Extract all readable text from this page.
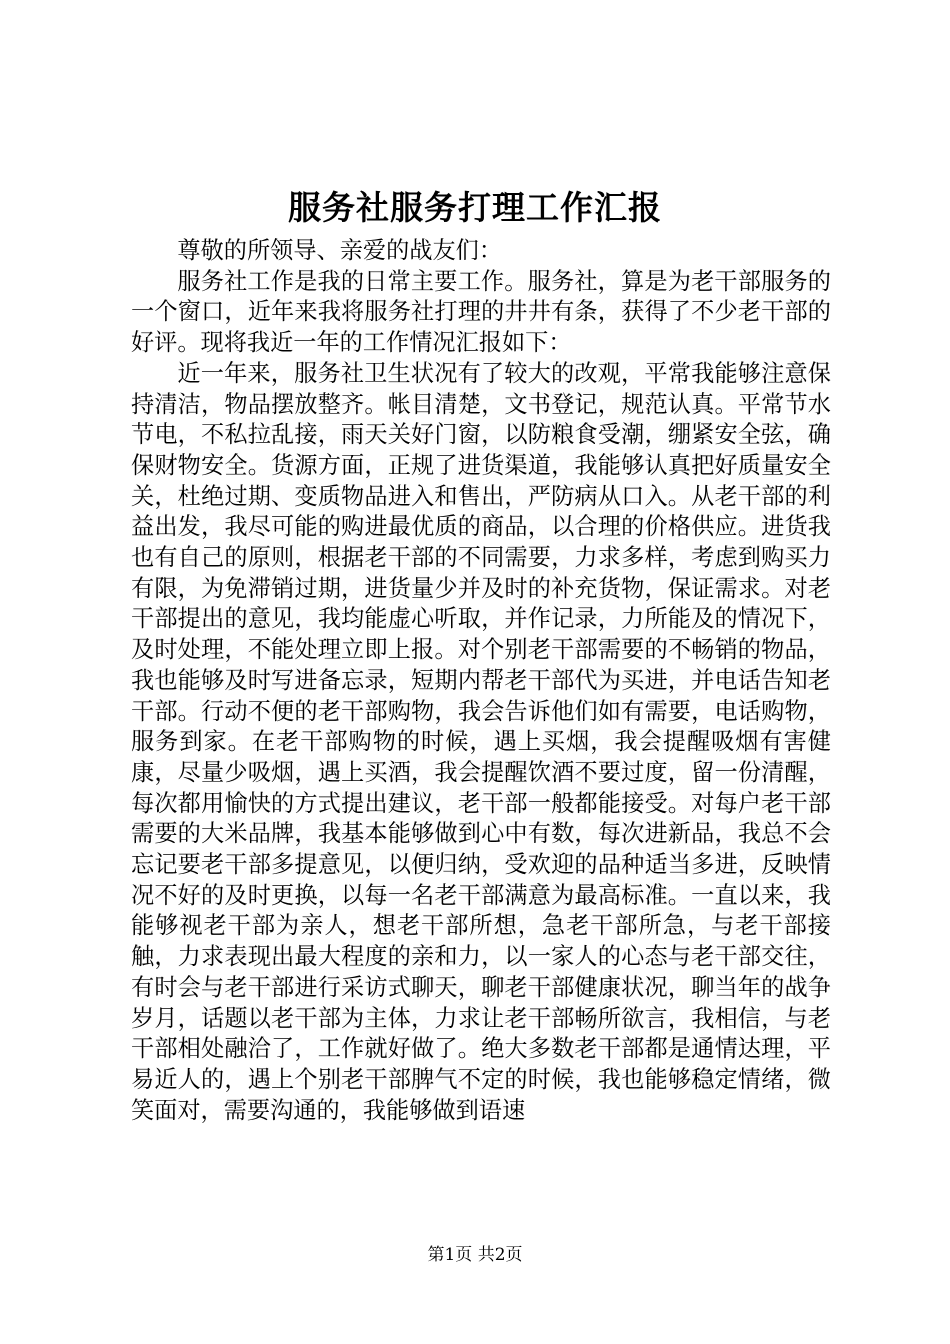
服务社服务打理工作汇报

尊敬的所领导、亲爱的战友们：

服务社工作是我的日常主要工作。服务社，算是为老干部服务的一个窗口，近年来我将服务社打理的井井有条，获得了不少老干部的好评。现将我近一年的工作情况汇报如下：

近一年来，服务社卫生状况有了较大的改观，平常我能够注意保持清洁，物品摆放整齐。帐目清楚，文书登记，规范认真。平常节水节电，不私拉乱接，雨天关好门窗，以防粮食受潮，绷紧安全弦，确保财物安全。货源方面，正规了进货渠道，我能够认真把好质量安全关，杜绝过期、变质物品进入和售出，严防病从口入。从老干部的利益出发，我尽可能的购进最优质的商品，以合理的价格供应。进货我也有自己的原则，根据老干部的不同需要，力求多样，考虑到购买力有限，为免滞销过期，进货量少并及时的补充货物，保证需求。对老干部提出的意见，我均能虚心听取，并作记录，力所能及的情况下，及时处理，不能处理立即上报。对个别老干部需要的不畅销的物品，我也能够及时写进备忘录，短期内帮老干部代为买进，并电话告知老干部。行动不便的老干部购物，我会告诉他们如有需要，电话购物，服务到家。在老干部购物的时候，遇上买烟，我会提醒吸烟有害健康，尽量少吸烟，遇上买酒，我会提醒饮酒不要过度，留一份清醒，每次都用愉快的方式提出建议，老干部一般都能接受。对每户老干部需要的大米品牌，我基本能够做到心中有数，每次进新品，我总不会忘记要老干部多提意见，以便归纳，受欢迎的品种适当多进，反映情况不好的及时更换，以每一名老干部满意为最高标准。一直以来，我能够视老干部为亲人，想老干部所想，急老干部所急，与老干部接触，力求表现出最大程度的亲和力，以一家人的心态与老干部交往，有时会与老干部进行采访式聊天，聊老干部健康状况，聊当年的战争岁月，话题以老干部为主体，力求让老干部畅所欲言，我相信，与老干部相处融洽了，工作就好做了。绝大多数老干部都是通情达理，平易近人的，遇上个别老干部脾气不定的时候，我也能够稳定情绪，微笑面对，需要沟通的，我能够做到语速

第1页 共2页
